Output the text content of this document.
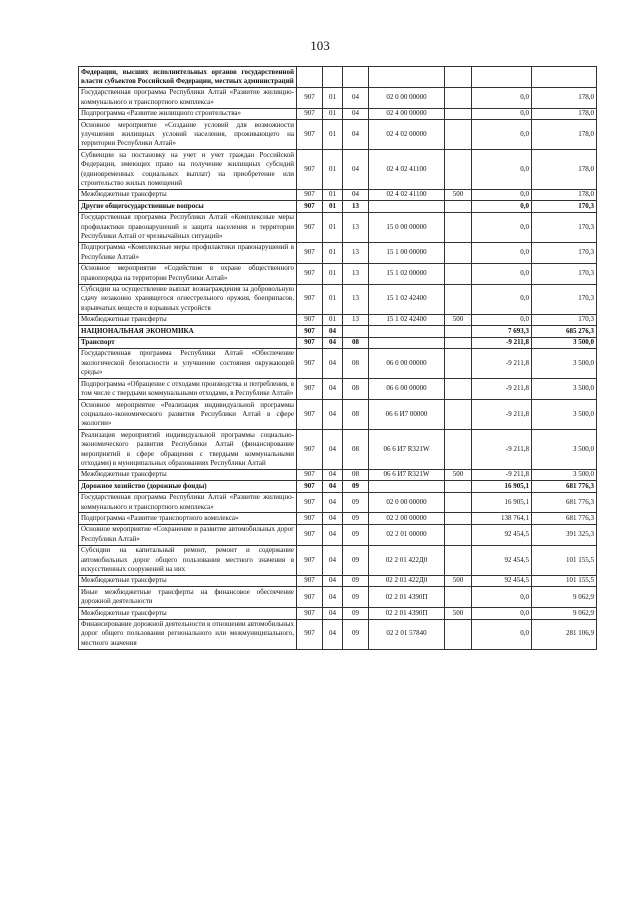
103
Федерации, высших исполнительных органов государственной власти субъектов Российской Федерации, местных администраций							
Государственная программа Республики Алтай «Развитие жилищно-коммунального и транспортного комплекса»	907	01	04	02 0 00 00000		0,0	178,0
Подпрограмма «Развитие жилищного строительства»	907	01	04	02 4 00 00000		0,0	178,0
Основное мероприятие «Создание условий для возможности улучшения жилищных условий населения, проживающего на территории Республики Алтай»	907	01	04	02 4 02 00000		0,0	178,0
Субвенции на постановку на учет и учет граждан Российской Федерации, имеющих право на получение жилищных субсидий (единовременных социальных выплат) на приобретение или строительство жилых помещений	907	01	04	02 4 02 41100		0,0	178,0
Межбюджетные трансферты	907	01	04	02 4 02 41100	500	0,0	178,0
Другие общегосударственные вопросы	907	01	13			0,0	170,3
Государственная программа Республики Алтай «Комплексные меры профилактики правонарушений и защита населения и территории Республики Алтай от чрезвычайных ситуаций»	907	01	13	15 0 00 00000		0,0	170,3
Подпрограмма «Комплексные меры профилактики правонарушений в Республике Алтай»	907	01	13	15 1 00 00000		0,0	170,3
Основное мероприятие «Содействие в охране общественного правопорядка на территории Республики Алтай»	907	01	13	15 1 02 00000		0,0	170,3
Субсидии на осуществление выплат вознаграждения за добровольную сдачу незаконно хранящегося огнестрельного оружия, боеприпасов, взрывчатых веществ и взрывных устройств	907	01	13	15 1 02 42400		0,0	170,3
Межбюджетные трансферты	907	01	13	15 1 02 42400	500	0,0	170,3
НАЦИОНАЛЬНАЯ ЭКОНОМИКА	907	04				7 693,3	685 276,3
Транспорт	907	04	08			-9 211,8	3 500,0
Государственная программа Республики Алтай «Обеспечение экологической безопасности и улучшение состояния окружающей среды»	907	04	08	06 0 00 00000		-9 211,8	3 500,0
Подпрограмма «Обращение с отходами производства и потребления, в том числе с твердыми коммунальными отходами, в Республике Алтай»	907	04	08	06 6 00 00000		-9 211,8	3 500,0
Основное мероприятие «Реализация индивидуальной программы социально-экономического развития Республики Алтай в сфере экологии»	907	04	08	06 6 И7 00000		-9 211,8	3 500,0
Реализация мероприятий индивидуальной программы социально-экономического развития Республики Алтай (финансирование мероприятий в сфере обращения с твердыми коммунальными отходами) в муниципальных образованиях Республики Алтай	907	04	08	06 6 И7 R321W		-9 211,8	3 500,0
Межбюджетные трансферты	907	04	08	06 6 И7 R321W	500	-9 211,8	3 500,0
Дорожное хозяйство (дорожные фонды)	907	04	09			16 905,1	681 776,3
Государственная программа Республики Алтай «Развитие жилищно-коммунального и транспортного комплекса»	907	04	09	02 0 00 00000		16 905,1	681 776,3
Подпрограмма «Развитие транспортного комплекса»	907	04	09	02 2 00 00000		138 764,1	681 776,3
Основное мероприятие «Сохранение и развитие автомобильных дорог Республики Алтай»	907	04	09	02 2 01 00000		92 454,5	391 325,3
Субсидии на капитальный ремонт, ремонт и содержание автомобильных дорог общего пользования местного значения в искусственных сооружений на них	907	04	09	02 2 01 422Д0		92 454,5	101 155,5
Межбюджетные трансферты	907	04	09	02 2 01 422Д0	500	92 454,5	101 155,5
Иные межбюджетные трансферты на финансовое обеспечение дорожной деятельности	907	04	09	02 2 01 4390П		0,0	9 062,9
Межбюджетные трансферты	907	04	09	02 2 01 4390П	500	0,0	9 062,9
Финансирование дорожной деятельности в отношении автомобильных дорог общего пользования регионального или межмуниципального, местного значения	907	04	09	02 2 01 57840		0,0	281 106,9
